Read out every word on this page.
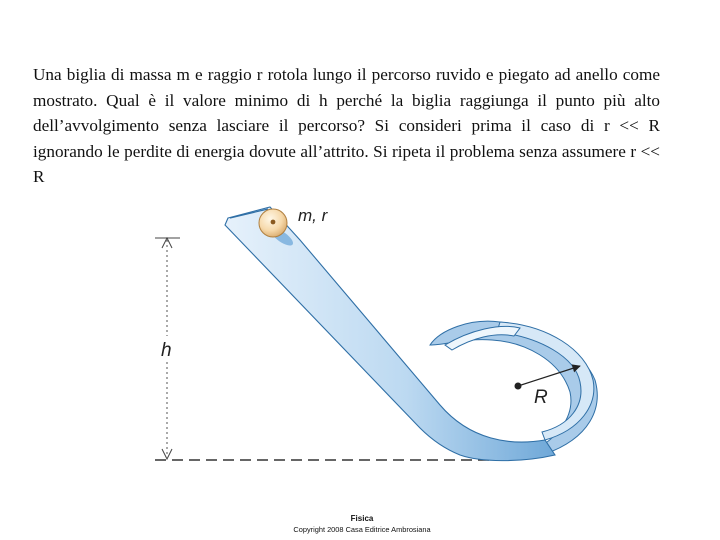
Una biglia di massa m e raggio r rotola lungo il percorso ruvido e piegato ad anello come mostrato. Qual è il valore minimo di h perché la biglia raggiunga il punto più alto dell’avvolgimento senza lasciare il percorso? Si consideri prima il caso di r << R ignorando le perdite di energia dovute all’attrito. Si ripeta il problema senza assumere r << R

m, r
h
R
Fisica
Copyright 2008 Casa Editrice Ambrosiana
